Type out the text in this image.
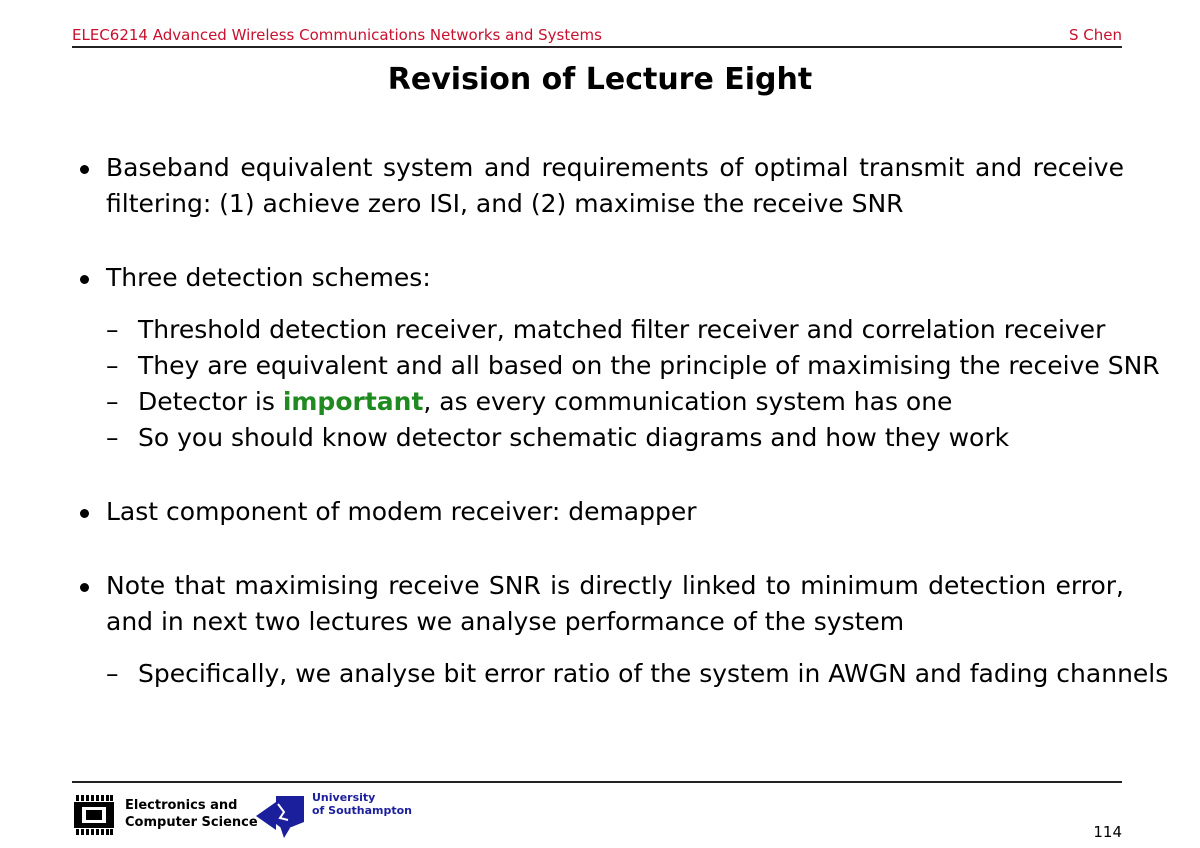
ELEC6214 Advanced Wireless Communications Networks and Systems	S Chen
Revision of Lecture Eight
Baseband equivalent system and requirements of optimal transmit and receive filtering: (1) achieve zero ISI, and (2) maximise the receive SNR
Three detection schemes:
– Threshold detection receiver, matched filter receiver and correlation receiver
– They are equivalent and all based on the principle of maximising the receive SNR
– Detector is important, as every communication system has one
– So you should know detector schematic diagrams and how they work
Last component of modem receiver: demapper
Note that maximising receive SNR is directly linked to minimum detection error, and in next two lectures we analyse performance of the system
– Specifically, we analyse bit error ratio of the system in AWGN and fading channels
Electronics and
Computer Science
University
of Southampton
114
